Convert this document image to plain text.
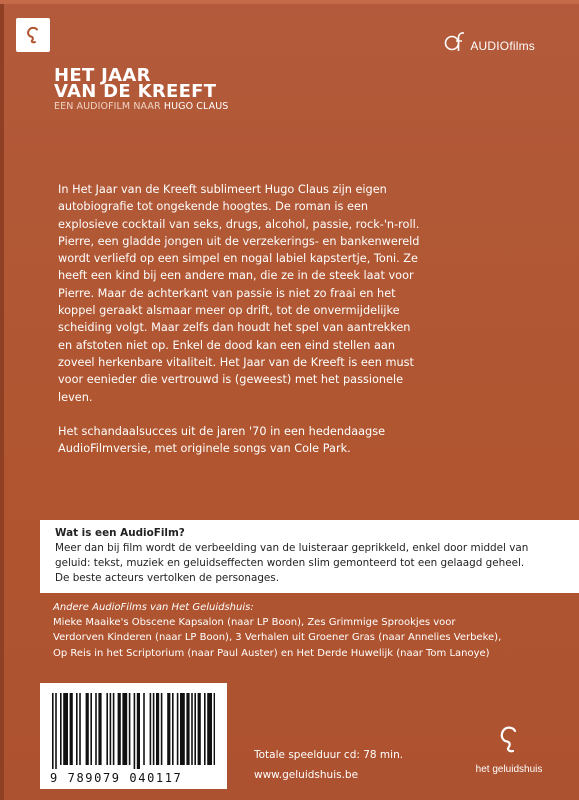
AUDIOfilms
HET JAAR
VAN DE KREEFT
EEN AUDIOFILM NAAR HUGO CLAUS

In Het Jaar van de Kreeft sublimeert Hugo Claus zijn eigen
autobiografie tot ongekende hoogtes. De roman is een
explosieve cocktail van seks, drugs, alcohol, passie, rock-'n-roll.
Pierre, een gladde jongen uit de verzekerings- en bankenwereld
wordt verliefd op een simpel en nogal labiel kapstertje, Toni. Ze
heeft een kind bij een andere man, die ze in de steek laat voor
Pierre. Maar de achterkant van passie is niet zo fraai en het
koppel geraakt alsmaar meer op drift, tot de onvermijdelijke
scheiding volgt. Maar zelfs dan houdt het spel van aantrekken
en afstoten niet op. Enkel de dood kan een eind stellen aan
zoveel herkenbare vitaliteit. Het Jaar van de Kreeft is een must
voor eenieder die vertrouwd is (geweest) met het passionele
leven.

Het schandaalsucces uit de jaren '70 in een hedendaagse
AudioFilmversie, met originele songs van Cole Park.

Wat is een AudioFilm?
Meer dan bij film wordt de verbeelding van de luisteraar geprikkeld, enkel door middel van
geluid: tekst, muziek en geluidseffecten worden slim gemonteerd tot een gelaagd geheel.
De beste acteurs vertolken de personages.
Andere AudioFilms van Het Geluidshuis:
Mieke Maaike's Obscene Kapsalon (naar LP Boon), Zes Grimmige Sprookjes voor
Verdorven Kinderen (naar LP Boon), 3 Verhalen uit Groener Gras (naar Annelies Verbeke),
Op Reis in het Scriptorium (naar Paul Auster) en Het Derde Huwelijk (naar Tom Lanoye)
9 789079 040117
Totale speelduur cd: 78 min.
www.geluidshuis.be	het geluidshuis
